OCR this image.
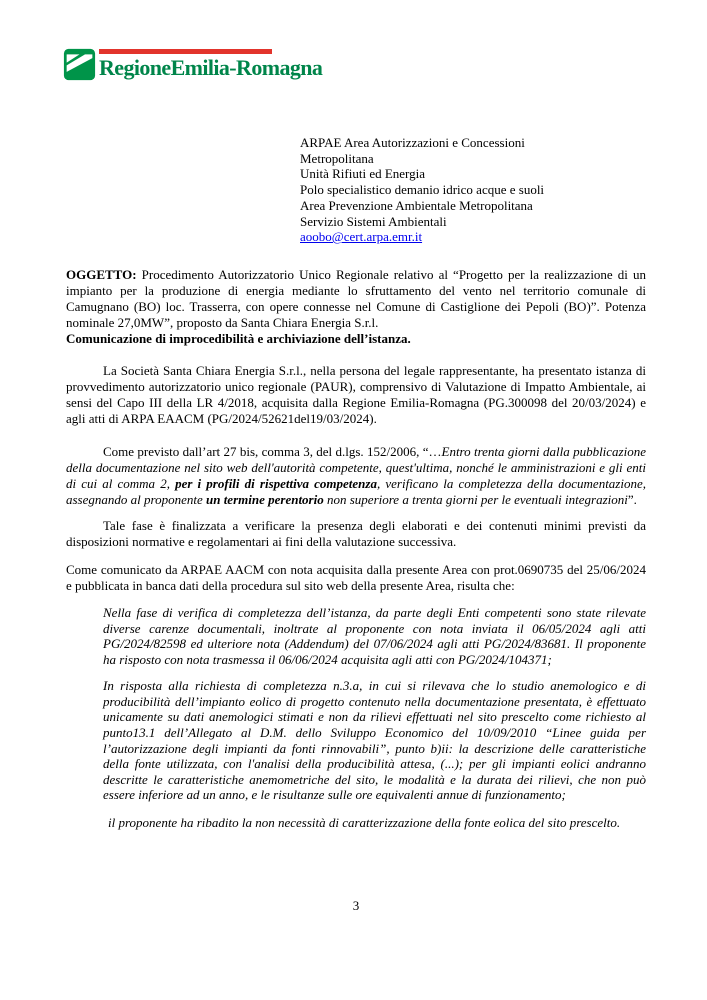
RegioneEmilia-Romagna
ARPAE Area Autorizzazioni e Concessioni
Metropolitana
Unità Rifiuti ed Energia
Polo specialistico demanio idrico acque e suoli
Area Prevenzione Ambientale Metropolitana
Servizio Sistemi Ambientali
aoobo@cert.arpa.emr.it

OGGETTO: Procedimento Autorizzatorio Unico Regionale relativo al “Progetto per la realizzazione di un impianto per la produzione di energia mediante lo sfruttamento del vento nel territorio comunale di Camugnano (BO) loc. Trasserra, con opere connesse nel Comune di Castiglione dei Pepoli (BO)”. Potenza nominale 27,0MW”, proposto da Santa Chiara Energia S.r.l.

Comunicazione di improcedibilità e archiviazione dell’istanza.

La Società Santa Chiara Energia S.r.l., nella persona del legale rappresentante, ha presentato istanza di provvedimento autorizzatorio unico regionale (PAUR), comprensivo di Valutazione di Impatto Ambientale, ai sensi del Capo III della LR 4/2018, acquisita dalla Regione Emilia-Romagna (PG.300098 del 20/03/2024) e agli atti di ARPA EAACM (PG/2024/52621del19/03/2024).

Come previsto dall’art 27 bis, comma 3, del d.lgs. 152/2006, “…Entro trenta giorni dalla pubblicazione della documentazione nel sito web dell'autorità competente, quest'ultima, nonché le amministrazioni e gli enti di cui al comma 2, per i profili di rispettiva competenza, verificano la completezza della documentazione, assegnando al proponente un termine perentorio non superiore a trenta giorni per le eventuali integrazioni”.

Tale fase è finalizzata a verificare la presenza degli elaborati e dei contenuti minimi previsti da disposizioni normative e regolamentari ai fini della valutazione successiva.

Come comunicato da ARPAE AACM con nota acquisita dalla presente Area con prot.0690735 del 25/06/2024 e pubblicata in banca dati della procedura sul sito web della presente Area, risulta che:

Nella fase di verifica di completezza dell’istanza, da parte degli Enti competenti sono state rilevate diverse carenze documentali, inoltrate al proponente con nota inviata il 06/05/2024 agli atti PG/2024/82598 ed ulteriore nota (Addendum) del 07/06/2024 agli atti PG/2024/83681. Il proponente ha risposto con nota trasmessa il 06/06/2024 acquisita agli atti con PG/2024/104371;

In risposta alla richiesta di completezza n.3.a, in cui si rilevava che lo studio anemologico e di producibilità dell’impianto eolico di progetto contenuto nella documentazione presentata, è effettuato unicamente su dati anemologici stimati e non da rilievi effettuati nel sito prescelto come richiesto al punto13.1 dell’Allegato al D.M. dello Sviluppo Economico del 10/09/2010 “Linee guida per l’autorizzazione degli impianti da fonti rinnovabili”, punto b)ii: la descrizione delle caratteristiche della fonte utilizzata, con l'analisi della producibilità attesa, (...); per gli impianti eolici andranno descritte le caratteristiche anemometriche del sito, le modalità e la durata dei rilievi, che non può essere inferiore ad un anno, e le risultanze sulle ore equivalenti annue di funzionamento;

il proponente ha ribadito la non necessità di caratterizzazione della fonte eolica del sito prescelto.

3
